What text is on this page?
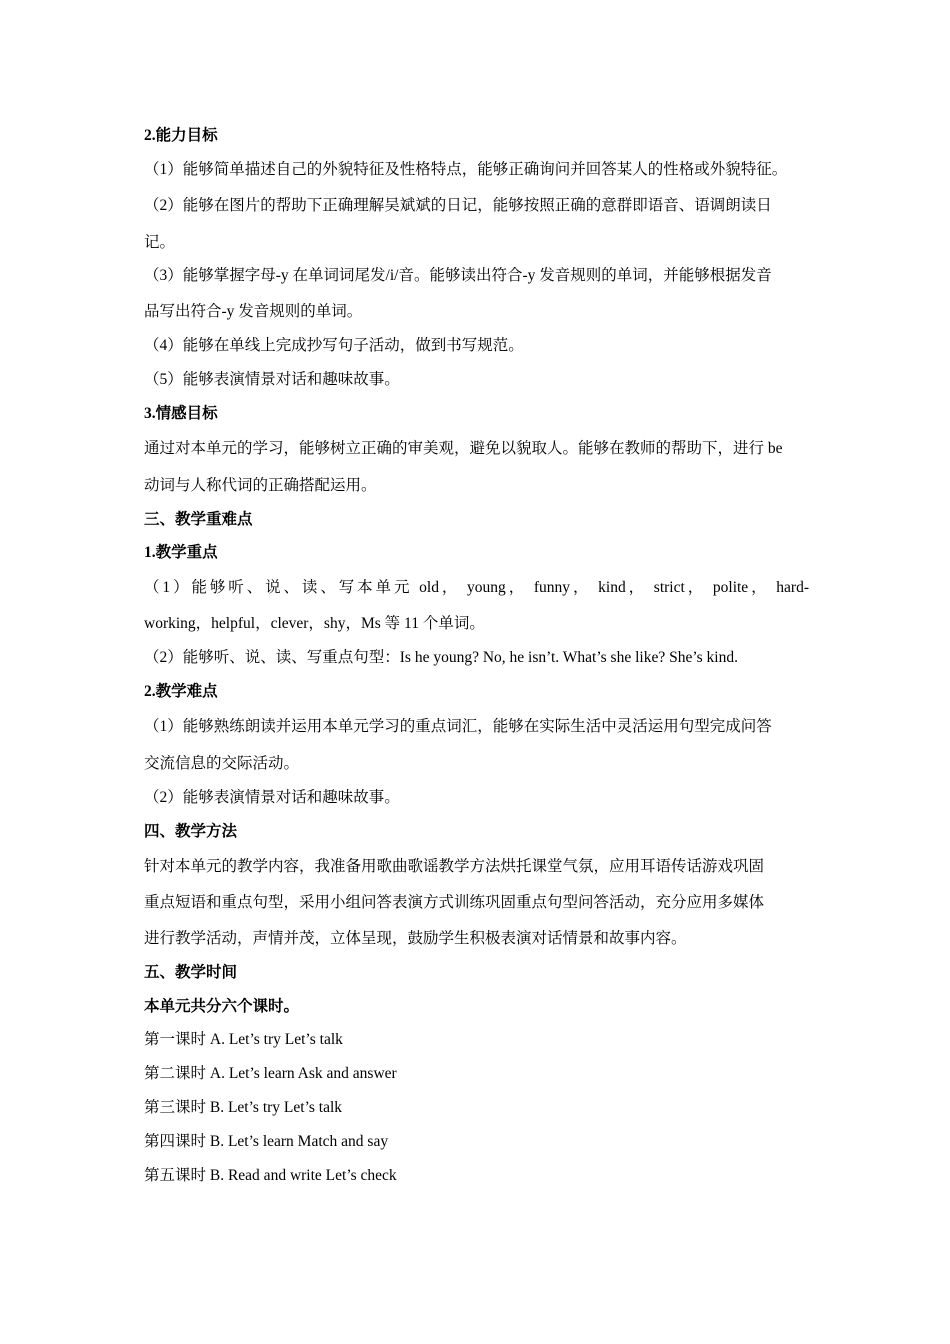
2.能力目标
（1）能够简单描述自己的外貌特征及性格特点，能够正确询问并回答某人的性格或外貌特征。
（2）能够在图片的帮助下正确理解吴斌斌的日记，能够按照正确的意群即语音、语调朗读日
记。
（3）能够掌握字母-y 在单词词尾发/i/音。能够读出符合-y 发音规则的单词，并能够根据发音
品写出符合-y 发音规则的单词。
（4）能够在单线上完成抄写句子活动，做到书写规范。
（5）能够表演情景对话和趣味故事。
3.情感目标
通过对本单元的学习，能够树立正确的审美观，避免以貌取人。能够在教师的帮助下，进行 be
动词与人称代词的正确搭配运用。
三、教学重难点
1.教学重点
（1）能够听、说、读、写本单元 old， young， funny， kind， strict， polite， hard-
working，helpful，clever，shy，Ms 等 11 个单词。
（2）能够听、说、读、写重点句型：Is he young? No, he isn’t. What’s she like? She’s kind.
2.教学难点
（1）能够熟练朗读并运用本单元学习的重点词汇，能够在实际生活中灵活运用句型完成问答
交流信息的交际活动。
（2）能够表演情景对话和趣味故事。
四、教学方法
针对本单元的教学内容，我准备用歌曲歌谣教学方法烘托课堂气氛，应用耳语传话游戏巩固
重点短语和重点句型，采用小组问答表演方式训练巩固重点句型问答活动，充分应用多媒体
进行教学活动，声情并茂，立体呈现，鼓励学生积极表演对话情景和故事内容。
五、教学时间
本单元共分六个课时。
第一课时 A. Let’s try Let’s talk
第二课时 A. Let’s learn Ask and answer
第三课时 B. Let’s try Let’s talk
第四课时 B. Let’s learn Match and say
第五课时 B. Read and write Let’s check
